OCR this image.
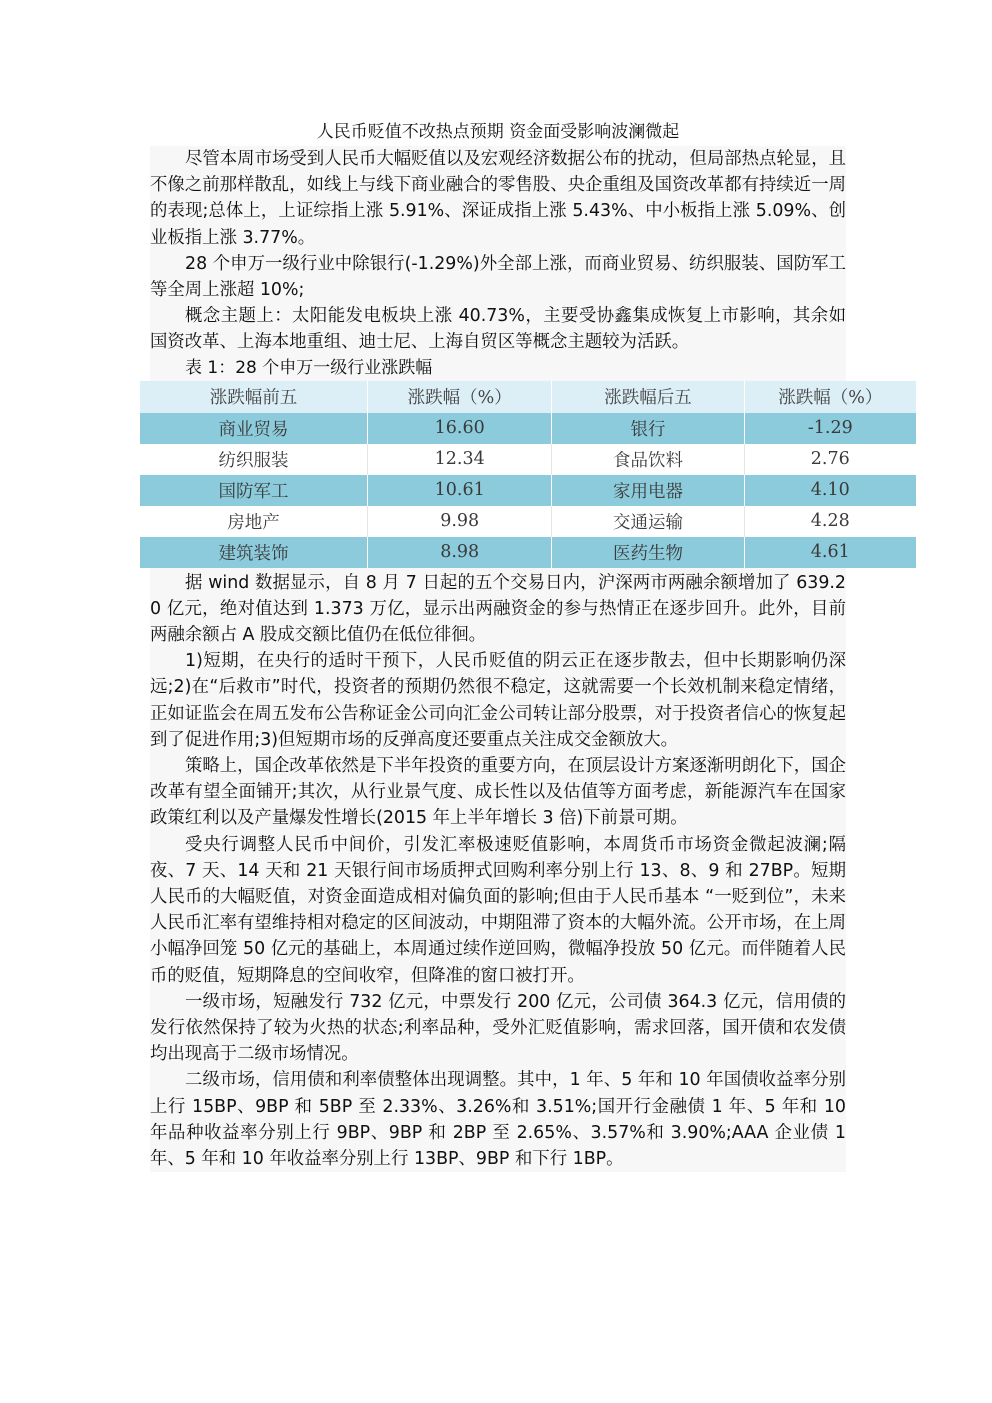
人民币贬值不改热点预期 资金面受影响波澜微起

尽管本周市场受到人民币大幅贬值以及宏观经济数据公布的扰动，但局部热点轮显，且不像之前那样散乱，如线上与线下商业融合的零售股、央企重组及国资改革都有持续近一周的表现;总体上，上证综指上涨 5.91%、深证成指上涨 5.43%、中小板指上涨 5.09%、创业板指上涨 3.77%。

28 个申万一级行业中除银行(-1.29%)外全部上涨，而商业贸易、纺织服装、国防军工等全周上涨超 10%;

概念主题上：太阳能发电板块上涨 40.73%，主要受协鑫集成恢复上市影响，其余如国资改革、上海本地重组、迪士尼、上海自贸区等概念主题较为活跃。

表 1：28 个申万一级行业涨跌幅
涨跌幅前五	涨跌幅（%）	涨跌幅后五	涨跌幅（%）
商业贸易	16.60	银行	-1.29
纺织服装	12.34	食品饮料	2.76
国防军工	10.61	家用电器	4.10
房地产	9.98	交通运输	4.28
建筑装饰	8.98	医药生物	4.61

据 wind 数据显示，自 8 月 7 日起的五个交易日内，沪深两市两融余额增加了 639.20 亿元，绝对值达到 1.373 万亿，显示出两融资金的参与热情正在逐步回升。此外，目前两融余额占 A 股成交额比值仍在低位徘徊。

1)短期，在央行的适时干预下，人民币贬值的阴云正在逐步散去，但中长期影响仍深远;2)在“后救市”时代，投资者的预期仍然很不稳定，这就需要一个长效机制来稳定情绪，正如证监会在周五发布公告称证金公司向汇金公司转让部分股票，对于投资者信心的恢复起到了促进作用;3)但短期市场的反弹高度还要重点关注成交金额放大。

策略上，国企改革依然是下半年投资的重要方向，在顶层设计方案逐渐明朗化下，国企改革有望全面铺开;其次，从行业景气度、成长性以及估值等方面考虑，新能源汽车在国家政策红利以及产量爆发性增长(2015 年上半年增长 3 倍)下前景可期。

受央行调整人民币中间价，引发汇率极速贬值影响，本周货币市场资金微起波澜;隔夜、7 天、14 天和 21 天银行间市场质押式回购利率分别上行 13、8、9 和 27BP。短期人民币的大幅贬值，对资金面造成相对偏负面的影响;但由于人民币基本 “一贬到位”，未来人民币汇率有望维持相对稳定的区间波动，中期阻滞了资本的大幅外流。公开市场，在上周小幅净回笼 50 亿元的基础上，本周通过续作逆回购，微幅净投放 50 亿元。而伴随着人民币的贬值，短期降息的空间收窄，但降准的窗口被打开。

一级市场，短融发行 732 亿元，中票发行 200 亿元，公司债 364.3 亿元，信用债的发行依然保持了较为火热的状态;利率品种，受外汇贬值影响，需求回落，国开债和农发债均出现高于二级市场情况。

二级市场，信用债和利率债整体出现调整。其中，1 年、5 年和 10 年国债收益率分别上行 15BP、9BP 和 5BP 至 2.33%、3.26%和 3.51%;国开行金融债 1 年、5 年和 10 年品种收益率分别上行 9BP、9BP 和 2BP 至 2.65%、3.57%和 3.90%;AAA 企业债 1 年、5 年和 10 年收益率分别上行 13BP、9BP 和下行 1BP。
